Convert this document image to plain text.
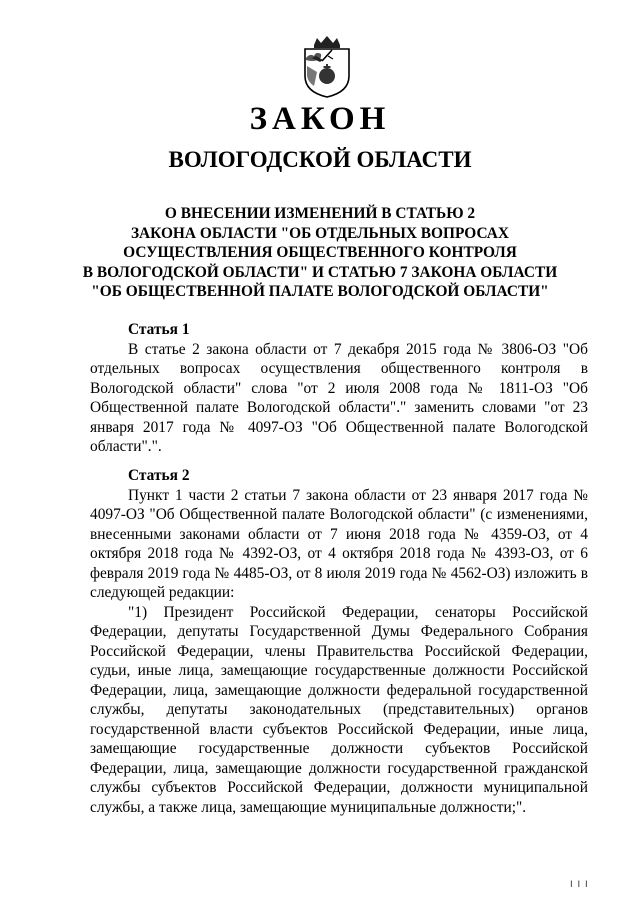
ЗАКОН
ВОЛОГОДСКОЙ ОБЛАСТИ
О ВНЕСЕНИИ ИЗМЕНЕНИЙ В СТАТЬЮ 2
ЗАКОНА ОБЛАСТИ "ОБ ОТДЕЛЬНЫХ ВОПРОСАХ
ОСУЩЕСТВЛЕНИЯ ОБЩЕСТВЕННОГО КОНТРОЛЯ
В ВОЛОГОДСКОЙ ОБЛАСТИ" И СТАТЬЮ 7 ЗАКОНА ОБЛАСТИ
"ОБ ОБЩЕСТВЕННОЙ ПАЛАТЕ ВОЛОГОДСКОЙ ОБЛАСТИ"
Статья 1
В статье 2 закона области от 7 декабря 2015 года № 3806-ОЗ "Об отдельных вопросах осуществления общественного контроля в Вологодской области" слова "от 2 июля 2008 года № 1811-ОЗ "Об Общественной палате Вологодской области"." заменить словами "от 23 января 2017 года № 4097-ОЗ "Об Общественной палате Вологодской области".".
Статья 2
Пункт 1 части 2 статьи 7 закона области от 23 января 2017 года № 4097-ОЗ "Об Общественной палате Вологодской области" (с изменениями, внесенными законами области от 7 июня 2018 года № 4359-ОЗ, от 4 октября 2018 года № 4392-ОЗ, от 4 октября 2018 года № 4393-ОЗ, от 6 февраля 2019 года № 4485-ОЗ, от 8 июля 2019 года № 4562-ОЗ) изложить в следующей редакции:
"1) Президент Российской Федерации, сенаторы Российской Федерации, депутаты Государственной Думы Федерального Собрания Российской Федерации, члены Правительства Российской Федерации, судьи, иные лица, замещающие государственные должности Российской Федерации, лица, замещающие должности федеральной государственной службы, депутаты законодательных (представительных) органов государственной власти субъектов Российской Федерации, иные лица, замещающие государственные должности субъектов Российской Федерации, лица, замещающие должности государственной гражданской службы субъектов Российской Федерации, должности муниципальной службы, а также лица, замещающие муниципальные должности;".
I I I
